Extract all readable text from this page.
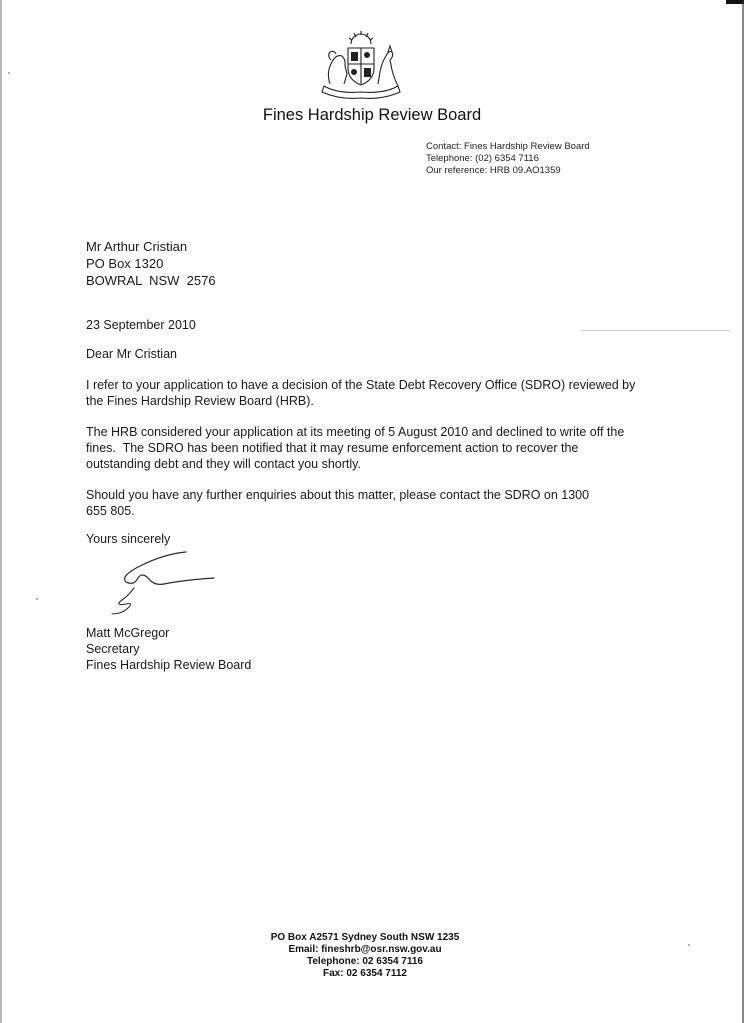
Fines Hardship Review Board
Contact: Fines Hardship Review Board
Telephone: (02) 6354 7116
Our reference: HRB 09.AO1359
Mr Arthur Cristian
PO Box 1320
BOWRAL  NSW  2576
23 September 2010
Dear Mr Cristian
I refer to your application to have a decision of the State Debt Recovery Office (SDRO) reviewed by the Fines Hardship Review Board (HRB).
The HRB considered your application at its meeting of 5 August 2010 and declined to write off the fines.  The SDRO has been notified that it may resume enforcement action to recover the outstanding debt and they will contact you shortly.
Should you have any further enquiries about this matter, please contact the SDRO on 1300 655 805.
Yours sincerely
Matt McGregor
Secretary
Fines Hardship Review Board
PO Box A2571 Sydney South NSW 1235
Email: fineshrb@osr.nsw.gov.au
Telephone: 02 6354 7116
Fax: 02 6354 7112
